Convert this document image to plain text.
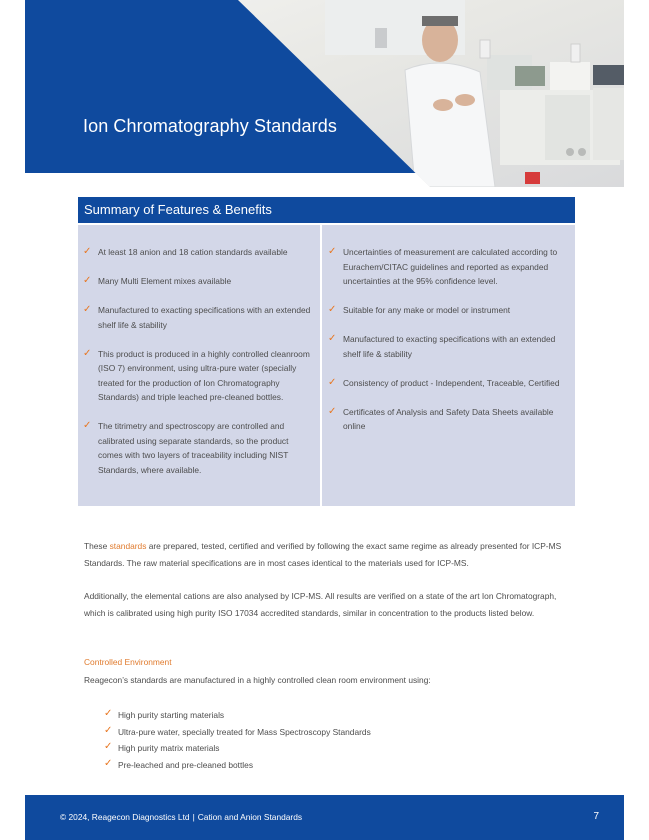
Ion Chromatography Standards
Summary of Features & Benefits
✓ At least 18 anion and 18 cation standards available
✓ Many Multi Element mixes available
✓ Manufactured to exacting specifications with an extended shelf life & stability
✓ This product is produced in a highly controlled cleanroom (ISO 7) environment, using ultra-pure water (specially treated for the production of Ion Chromatography Standards) and triple leached pre-cleaned bottles.
✓ The titrimetry and spectroscopy are controlled and calibrated using separate standards, so the product comes with two layers of traceability including NIST Standards, where available.
✓ Uncertainties of measurement are calculated according to Eurachem/CITAC guidelines and reported as expanded uncertainties at the 95% confidence level.
✓ Suitable for any make or model or instrument
✓ Manufactured to exacting specifications with an extended shelf life & stability
✓ Consistency of product - Independent, Traceable, Certified
✓ Certificates of Analysis and Safety Data Sheets available online
These standards are prepared, tested, certified and verified by following the exact same regime as already presented for ICP-MS Standards. The raw material specifications are in most cases identical to the materials used for ICP-MS.
Additionally, the elemental cations are also analysed by ICP-MS. All results are verified on a state of the art Ion Chromatograph, which is calibrated using high purity ISO 17034 accredited standards, similar in concentration to the products listed below.
Controlled Environment
Reagecon’s standards are manufactured in a highly controlled clean room environment using:
✓ High purity starting materials
✓ Ultra-pure water, specially treated for Mass Spectroscopy Standards
✓ High purity matrix materials
✓ Pre-leached and pre-cleaned bottles
© 2024, Reagecon Diagnostics Ltd | Cation and Anion Standards	7
